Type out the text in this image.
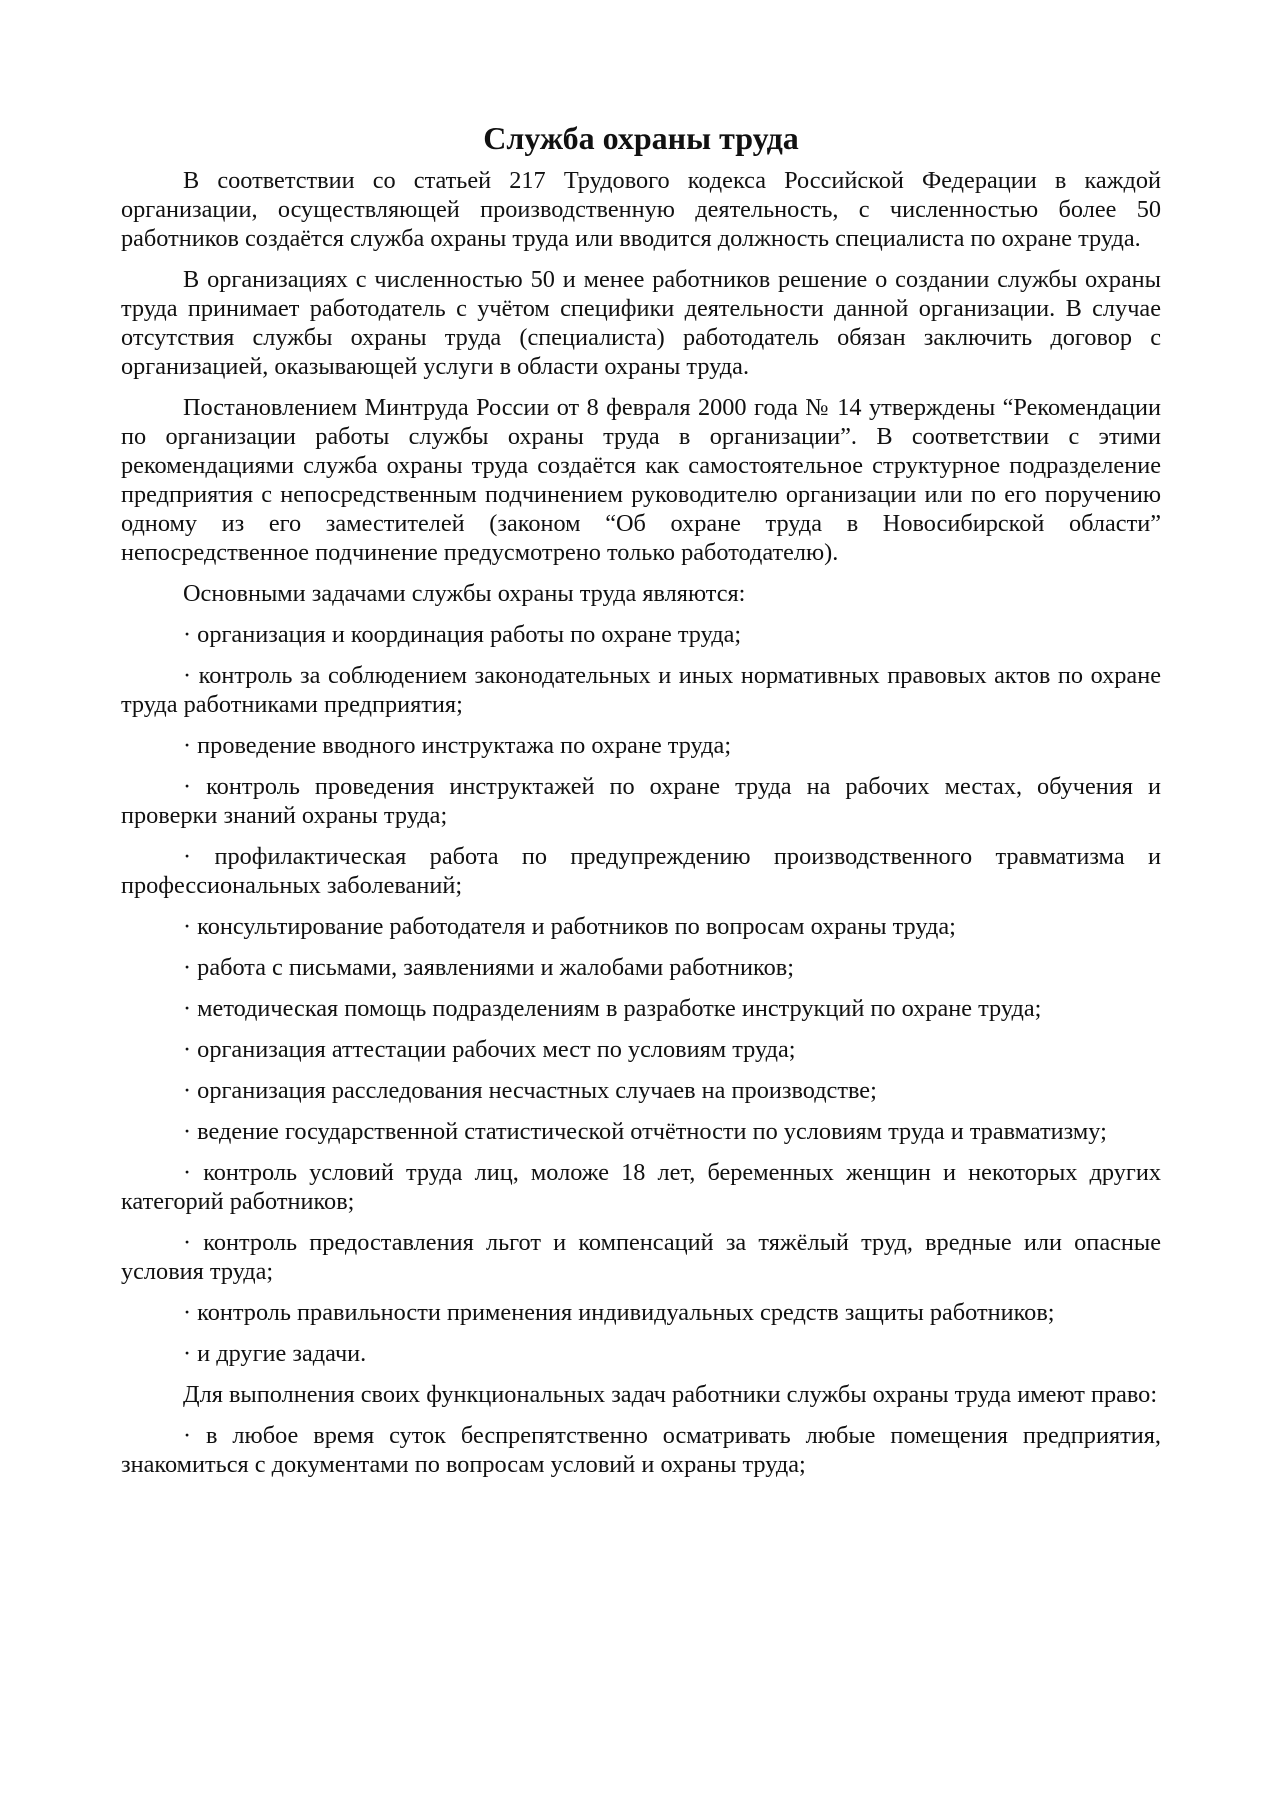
Служба охраны труда

В соответствии со статьей 217 Трудового кодекса Российской Федерации в каждой организации, осуществляющей производственную деятельность, с численностью более 50 работников создаётся служба охраны труда или вводится должность специалиста по охране труда.

В организациях с численностью 50 и менее работников решение о создании службы охраны труда принимает работодатель с учётом специфики деятельности данной организации. В случае отсутствия службы охраны труда (специалиста) работодатель обязан заключить договор с организацией, оказывающей услуги в области охраны труда.

Постановлением Минтруда России от 8 февраля 2000 года № 14 утверждены “Рекомендации по организации работы службы охраны труда в организации”. В соответствии с этими рекомендациями служба охраны труда создаётся как самостоятельное структурное подразделение предприятия с непосредственным подчинением руководителю организации или по его поручению одному из его заместителей (законом “Об охране труда в Новосибирской области” непосредственное подчинение предусмотрено только работодателю).

Основными задачами службы охраны труда являются:

· организация и координация работы по охране труда;

· контроль за соблюдением законодательных и иных нормативных правовых актов по охране труда работниками предприятия;

· проведение вводного инструктажа по охране труда;

· контроль проведения инструктажей по охране труда на рабочих местах, обучения и проверки знаний охраны труда;

· профилактическая работа по предупреждению производственного травматизма и профессиональных заболеваний;

· консультирование работодателя и работников по вопросам охраны труда;

· работа с письмами, заявлениями и жалобами работников;

· методическая помощь подразделениям в разработке инструкций по охране труда;

· организация аттестации рабочих мест по условиям труда;

· организация расследования несчастных случаев на производстве;

· ведение государственной статистической отчётности по условиям труда и травматизму;

· контроль условий труда лиц, моложе 18 лет, беременных женщин и некоторых других категорий работников;

· контроль предоставления льгот и компенсаций за тяжёлый труд, вредные или опасные условия труда;

· контроль правильности применения индивидуальных средств защиты работников;

· и другие задачи.

Для выполнения своих функциональных задач работники службы охраны труда имеют право:

· в любое время суток беспрепятственно осматривать любые помещения предприятия, знакомиться с документами по вопросам условий и охраны труда;
